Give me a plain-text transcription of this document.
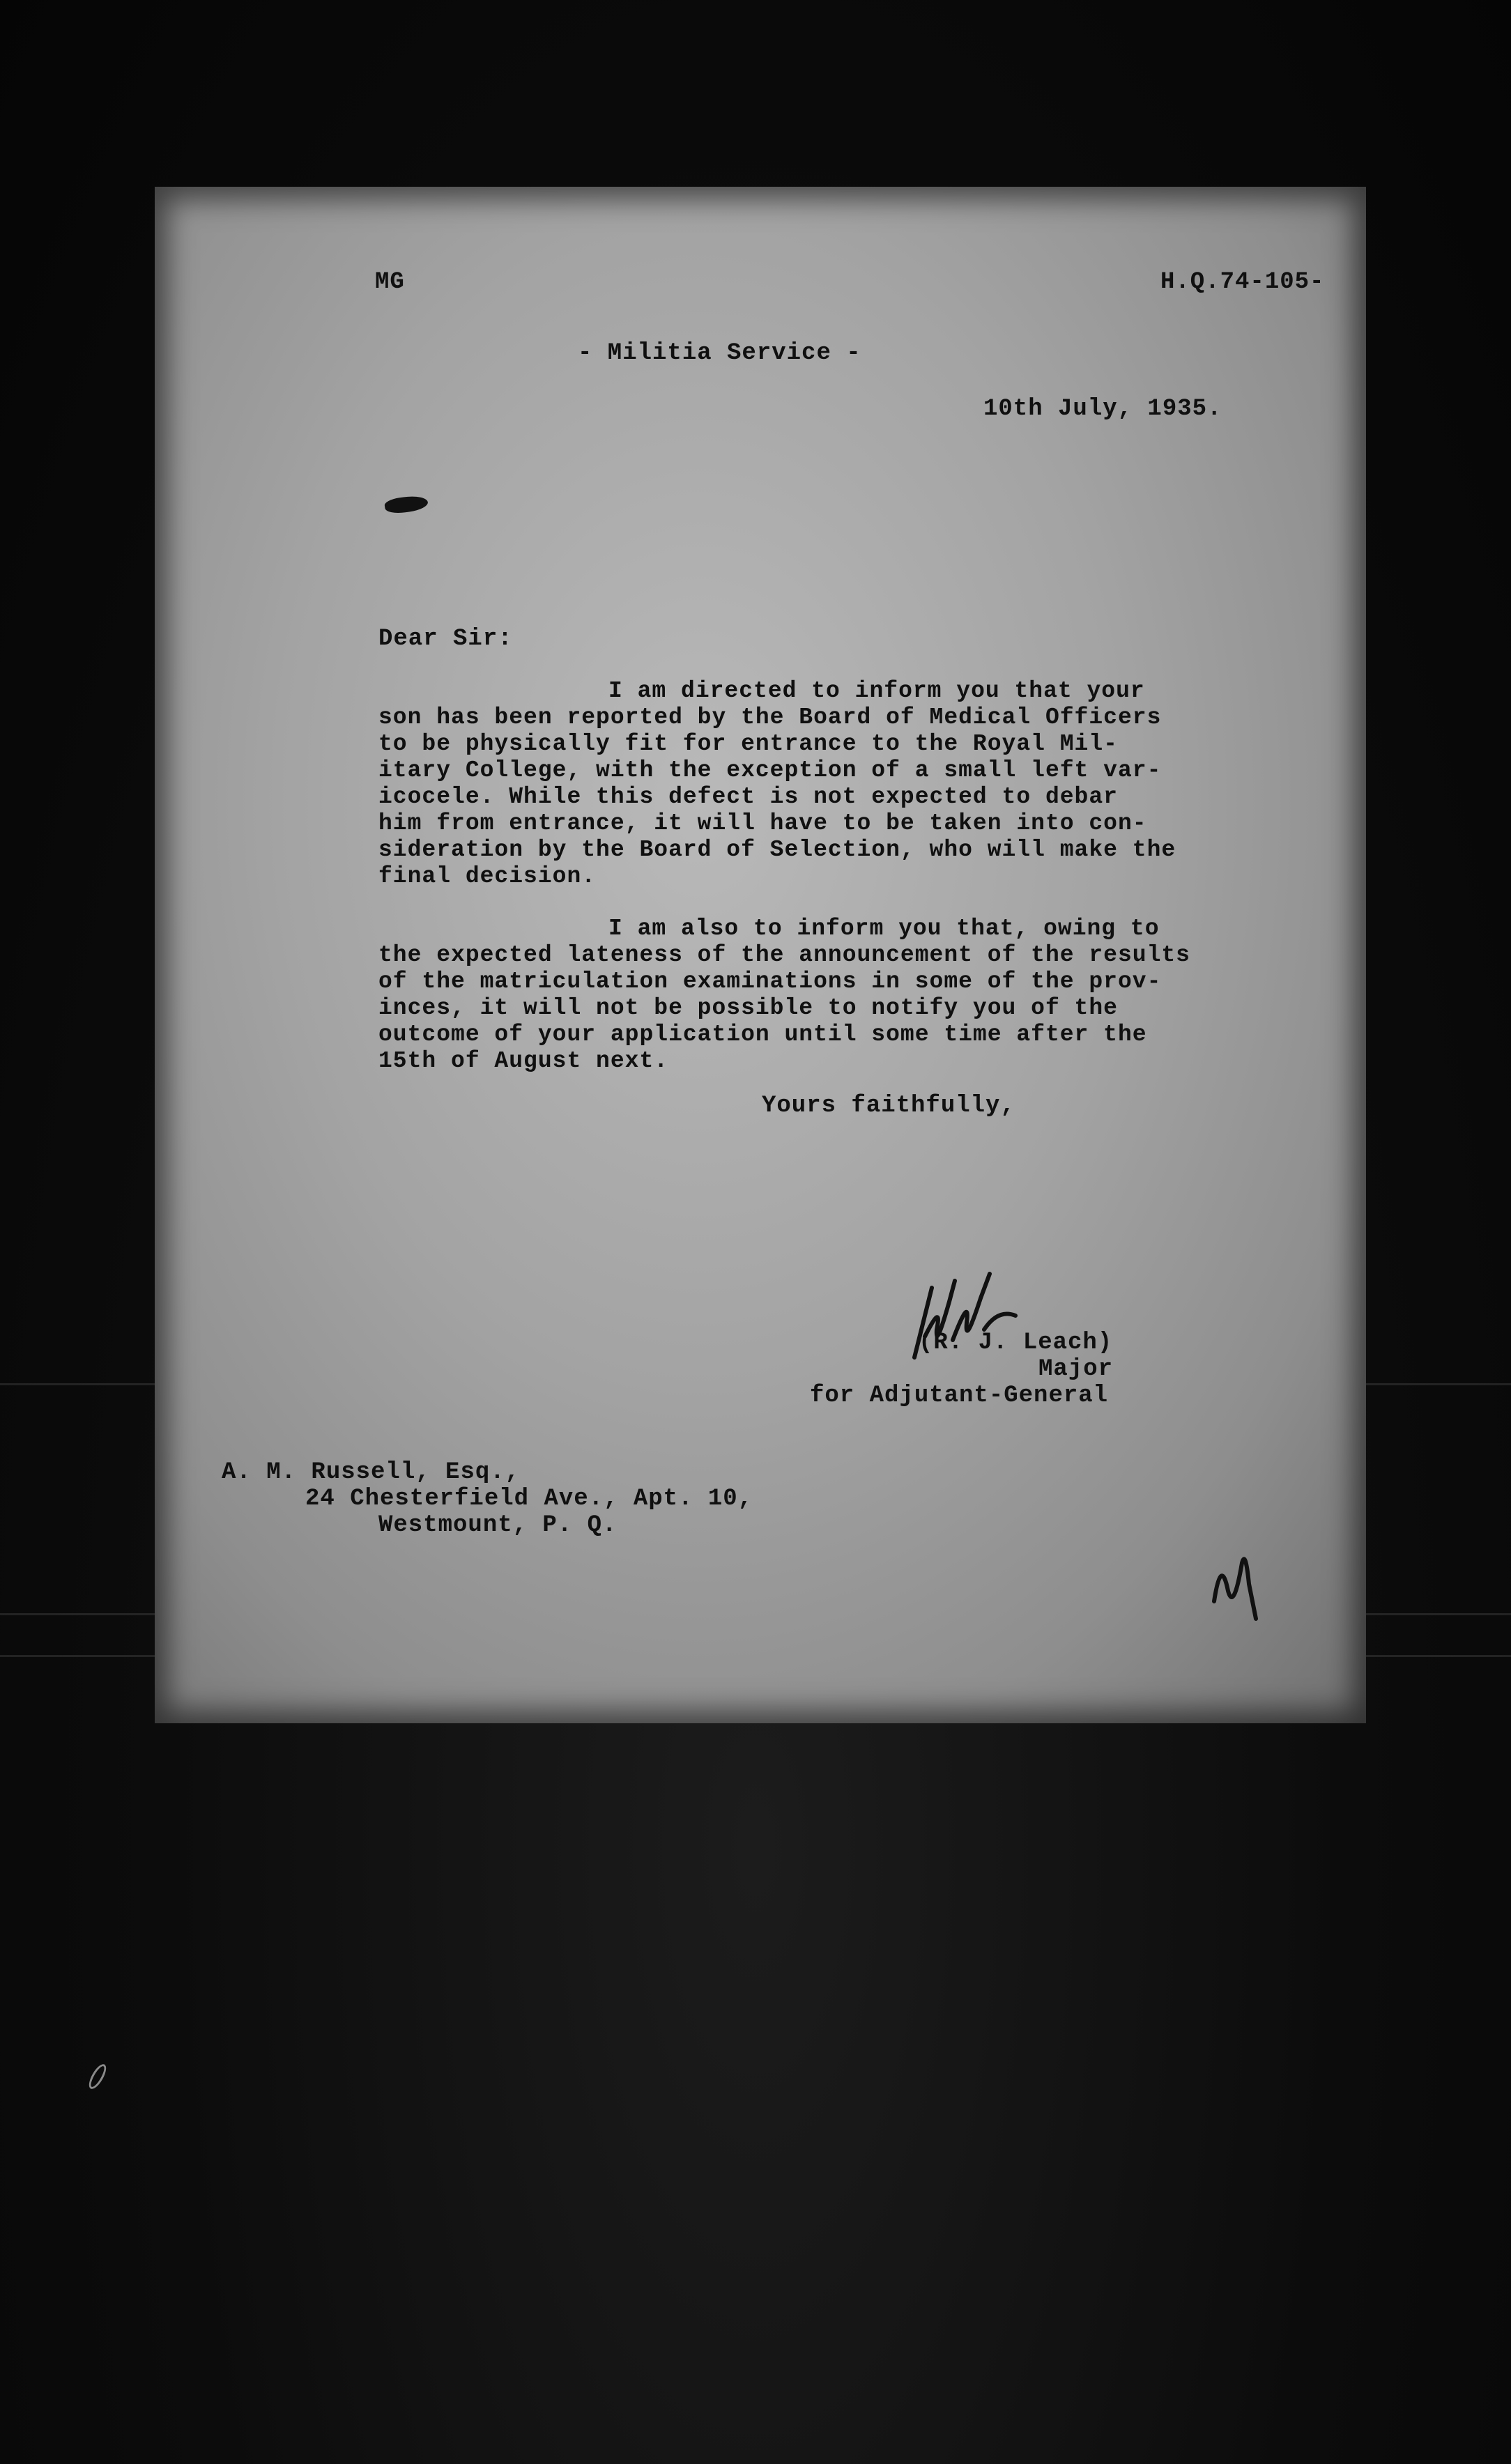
MG	H.Q.74-105-
- Militia Service -
10th July, 1935.
Dear Sir:
I am directed to inform you that your
son has been reported by the Board of Medical Officers
to be physically fit for entrance to the Royal Mil-
itary College, with the exception of a small left var-
icocele. While this defect is not expected to debar
him from entrance, it will have to be taken into con-
sideration by the Board of Selection, who will make the
final decision.
I am also to inform you that, owing to
the expected lateness of the announcement of the results
of the matriculation examinations in some of the prov-
inces, it will not be possible to notify you of the
outcome of your application until some time after the
15th of August next.
Yours faithfully,
(R. J. Leach)
Major
for Adjutant-General
A. M. Russell, Esq.,
24 Chesterfield Ave., Apt. 10,
Westmount, P. Q.
